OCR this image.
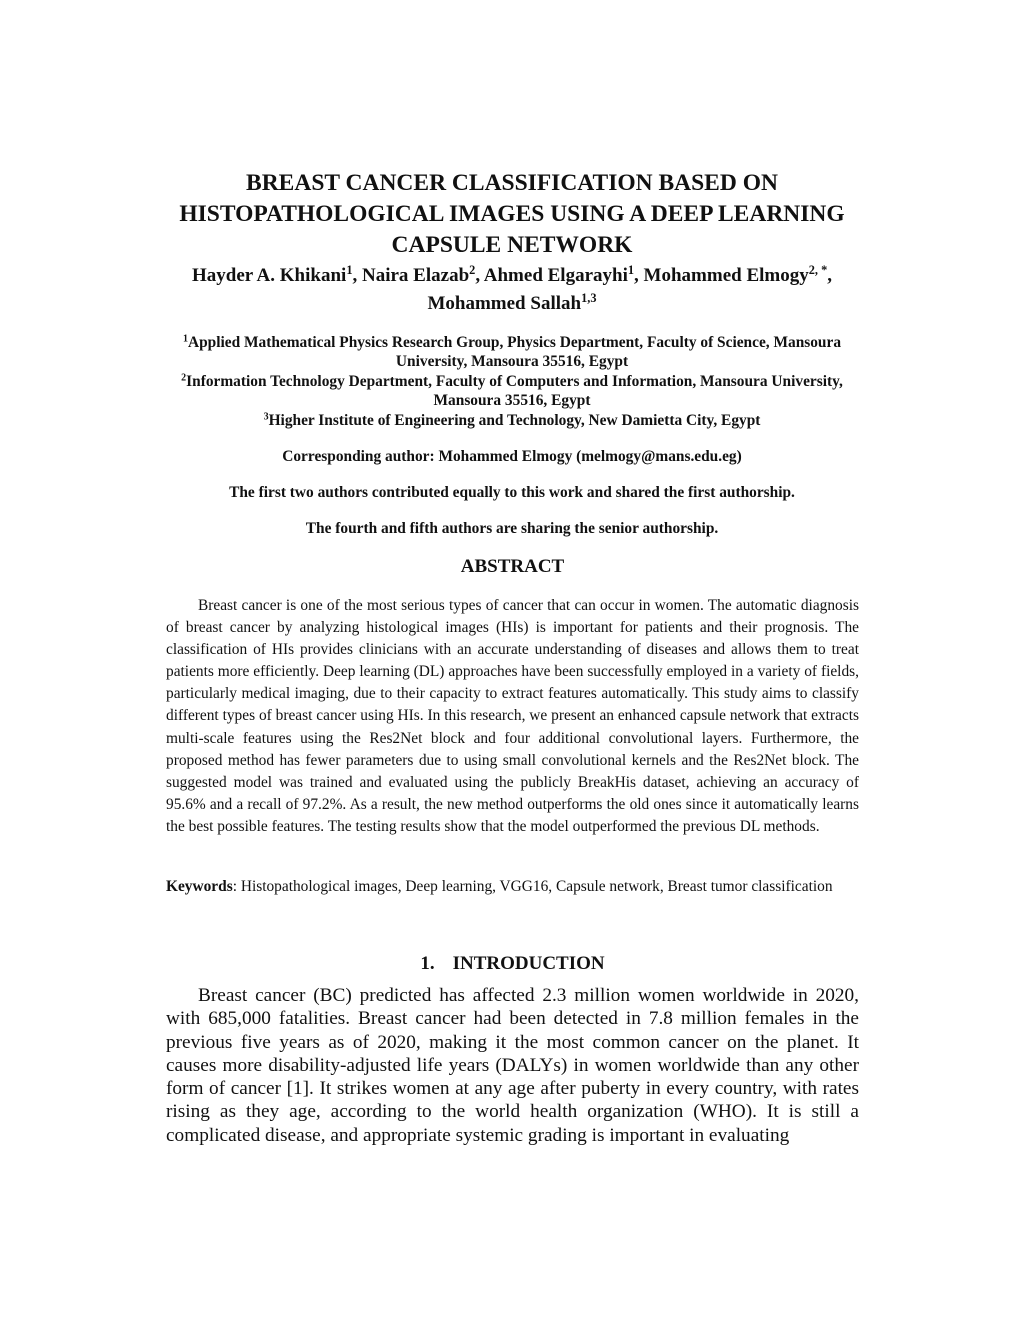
BREAST CANCER CLASSIFICATION BASED ON HISTOPATHOLOGICAL IMAGES USING A DEEP LEARNING CAPSULE NETWORK
Hayder A. Khikani$^1$, Naira Elazab$^2$, Ahmed Elgarayhi$^1$, Mohammed Elmogy$^{2, *}$,
Mohammed Sallah$^{1,3}$
$^1$Applied Mathematical Physics Research Group, Physics Department, Faculty of Science, Mansoura University, Mansoura 35516, Egypt
$^2$Information Technology Department, Faculty of Computers and Information, Mansoura University, Mansoura 35516, Egypt
$^3$Higher Institute of Engineering and Technology, New Damietta City, Egypt
Corresponding author: Mohammed Elmogy (melmogy@mans.edu.eg)
The first two authors contributed equally to this work and shared the first authorship.
The fourth and fifth authors are sharing the senior authorship.
ABSTRACT
Breast cancer is one of the most serious types of cancer that can occur in women. The automatic diagnosis of breast cancer by analyzing histological images (HIs) is important for patients and their prognosis. The classification of HIs provides clinicians with an accurate understanding of diseases and allows them to treat patients more efficiently. Deep learning (DL) approaches have been successfully employed in a variety of fields, particularly medical imaging, due to their capacity to extract features automatically. This study aims to classify different types of breast cancer using HIs. In this research, we present an enhanced capsule network that extracts multi-scale features using the Res2Net block and four additional convolutional layers. Furthermore, the proposed method has fewer parameters due to using small convolutional kernels and the Res2Net block. The suggested model was trained and evaluated using the publicly BreakHis dataset, achieving an accuracy of 95.6% and a recall of 97.2%. As a result, the new method outperforms the old ones since it automatically learns the best possible features. The testing results show that the model outperformed the previous DL methods.
Keywords: Histopathological images, Deep learning, VGG16, Capsule network, Breast tumor classification
1. INTRODUCTION
Breast cancer (BC) predicted has affected 2.3 million women worldwide in 2020, with 685,000 fatalities. Breast cancer had been detected in 7.8 million females in the previous five years as of 2020, making it the most common cancer on the planet. It causes more disability-adjusted life years (DALYs) in women worldwide than any other form of cancer [1]. It strikes women at any age after puberty in every country, with rates rising as they age, according to the world health organization (WHO). It is still a complicated disease, and appropriate systemic grading is important in evaluating
